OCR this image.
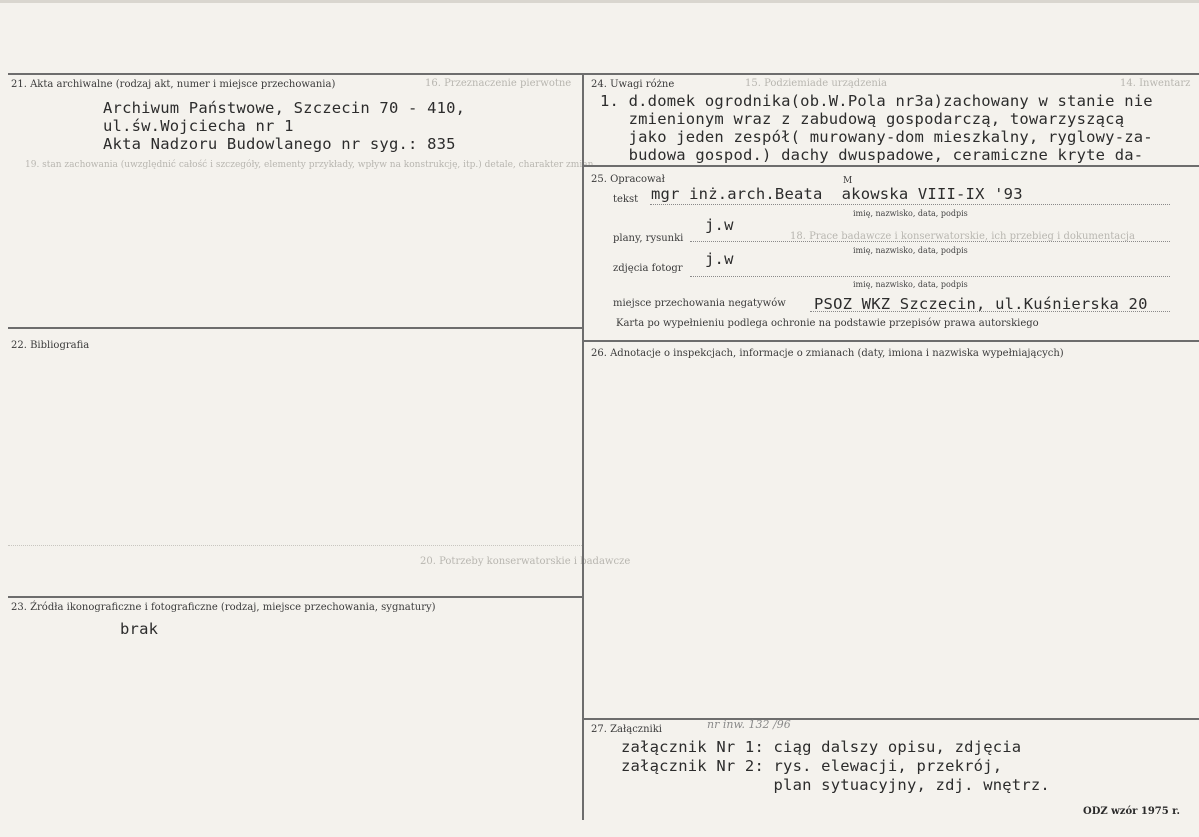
16. Przeznaczenie pierwotne	15. Podziemiade urządzenia	14. Inwentarz
19. stan zachowania (uwzględnić całość i szczegóły, elementy przykłady, wpływ na konstrukcję, itp.) detale, charakter zmian
18. Prace badawcze i konserwatorskie, ich przebieg i dokumentacja
20. Potrzeby konserwatorskie i badawcze
21. Akta archiwalne (rodzaj akt, numer i miejsce przechowania)
Archiwum Państwowe, Szczecin 70 - 410,
ul.św.Wojciecha nr 1
Akta Nadzoru Budowlanego nr syg.: 835
22. Bibliografia
23. Źródła ikonograficzne i fotograficzne (rodzaj, miejsce przechowania, sygnatury)
brak
24. Uwagi różne
1. d.domek ogrodnika(ob.W.Pola nr3a)zachowany w stanie nie
zmienionym wraz z zabudową gospodarczą, towarzyszącą
jako jeden zespół( murowany-dom mieszkalny, ryglowy-za-
budowa gospod.) dachy dwuspadowe, ceramiczne kryte da-
25. Opracował
tekst mgr inż.arch.Beata  akowska VIII-IX '93
M
imię, nazwisko, data, podpis
plany, rysunki
j.w
imię, nazwisko, data, podpis
zdjęcia fotogr
j.w
imię, nazwisko, data, podpis
miejsce przechowania negatywów PSOZ WKZ Szczecin, ul.Kuśnierska 20
Karta po wypełnieniu podlega ochronie na podstawie przepisów prawa autorskiego
26. Adnotacje o inspekcjach, informacje o zmianach (daty, imiona i nazwiska wypełniających)
27. Załączniki	nr inw. 132 /96
załącznik Nr 1: ciąg dalszy opisu, zdjęcia
załącznik Nr 2: rys. elewacji, przekrój,
plan sytuacyjny, zdj. wnętrz.
ODZ wzór 1975 r.
